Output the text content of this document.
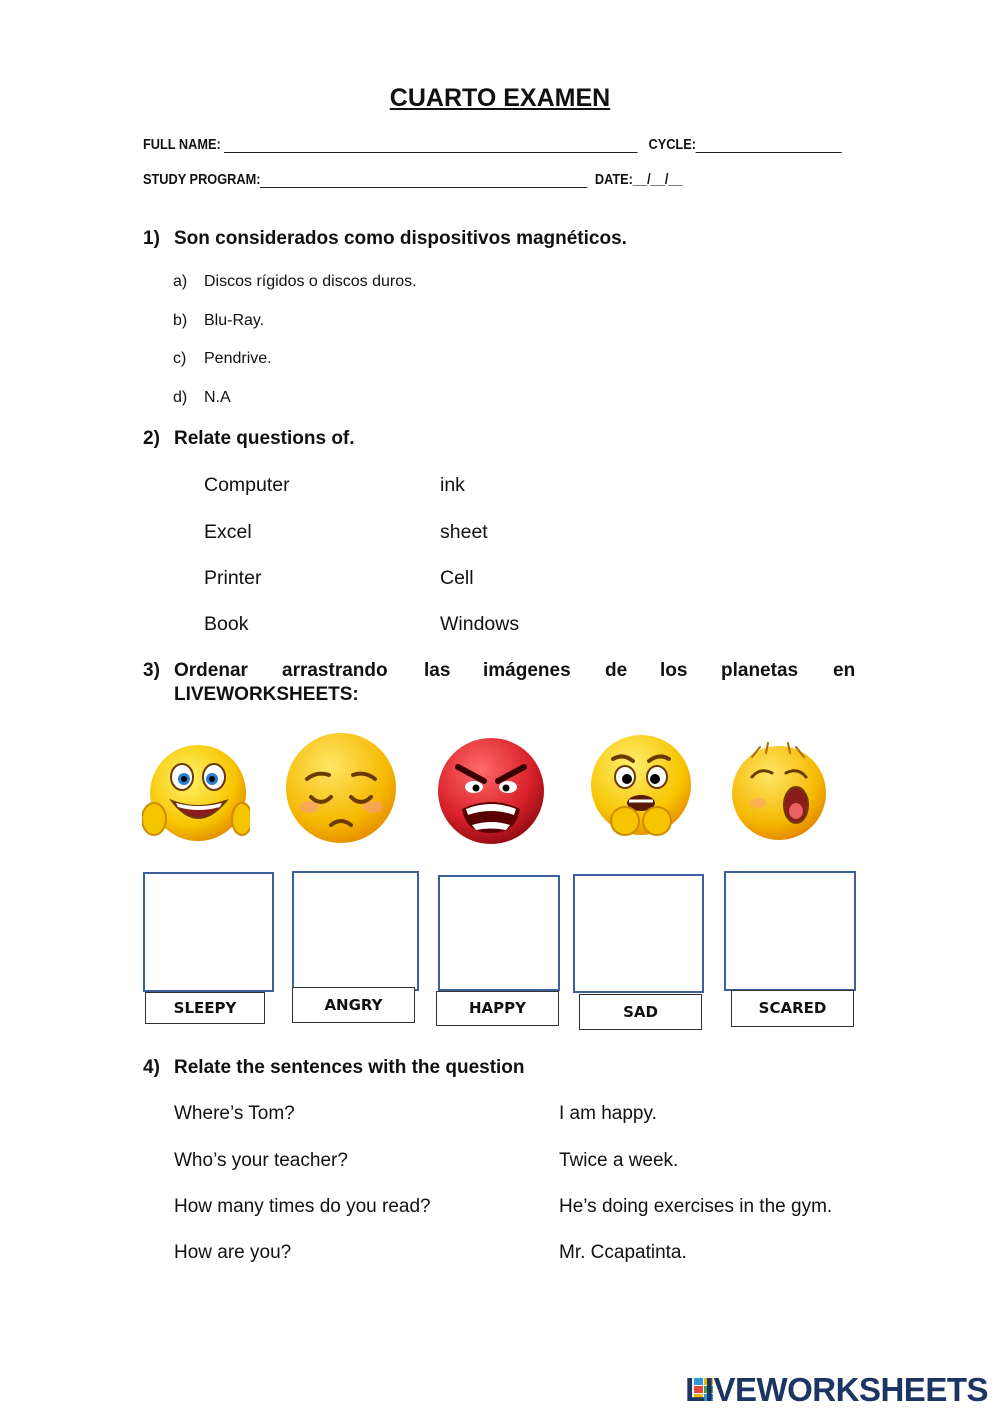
CUARTO EXAMEN
FULL NAME:	CYCLE:
STUDY PROGRAM:	DATE:__/__/__
1) Son considerados como dispositivos magnéticos.
a) Discos rígidos o discos duros.
b) Blu-Ray.
c) Pendrive.
d) N.A
2) Relate questions of.
Computer	ink
Excel	sheet
Printer	Cell
Book	Windows
3) Ordenar arrastrando las imágenes de los planetas en
LIVEWORKSHEETS:
SLEEPY	ANGRY	HAPPY	SAD	SCARED
4) Relate the sentences with the question
Where’s Tom?	I am happy.
Who’s your teacher?	Twice a week.
How many times do you read?	He’s doing exercises in the gym.
How are you?	Mr. Ccapatinta.
LIVEWORKSHEETS
